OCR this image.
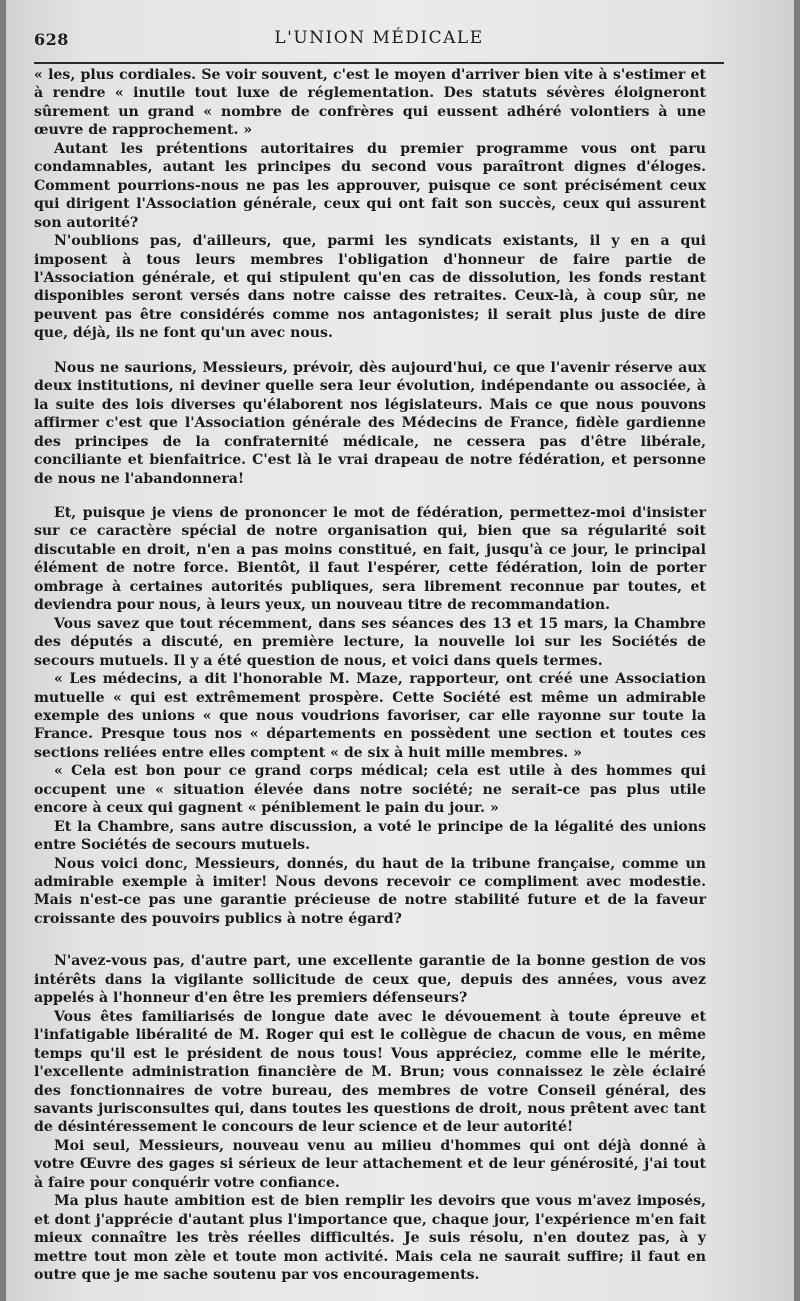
628	L'UNION MÉDICALE

« les, plus cordiales. Se voir souvent, c'est le moyen d'arriver bien vite à s'estimer et à rendre « inutile tout luxe de réglementation. Des statuts sévères éloigneront sûrement un grand « nombre de confrères qui eussent adhéré volontiers à une œuvre de rapprochement. »

Autant les prétentions autoritaires du premier programme vous ont paru condamnables, autant les principes du second vous paraîtront dignes d'éloges. Comment pourrions-nous ne pas les approuver, puisque ce sont précisément ceux qui dirigent l'Association générale, ceux qui ont fait son succès, ceux qui assurent son autorité?

N'oublions pas, d'ailleurs, que, parmi les syndicats existants, il y en a qui imposent à tous leurs membres l'obligation d'honneur de faire partie de l'Association générale, et qui stipulent qu'en cas de dissolution, les fonds restant disponibles seront versés dans notre caisse des retraites. Ceux-là, à coup sûr, ne peuvent pas être considérés comme nos antagonistes; il serait plus juste de dire que, déjà, ils ne font qu'un avec nous.

Nous ne saurions, Messieurs, prévoir, dès aujourd'hui, ce que l'avenir réserve aux deux institutions, ni deviner quelle sera leur évolution, indépendante ou associée, à la suite des lois diverses qu'élaborent nos législateurs. Mais ce que nous pouvons affirmer c'est que l'Association générale des Médecins de France, fidèle gardienne des principes de la confraternité médicale, ne cessera pas d'être libérale, conciliante et bienfaitrice. C'est là le vrai drapeau de notre fédération, et personne de nous ne l'abandonnera!

Et, puisque je viens de prononcer le mot de fédération, permettez-moi d'insister sur ce caractère spécial de notre organisation qui, bien que sa régularité soit discutable en droit, n'en a pas moins constitué, en fait, jusqu'à ce jour, le principal élément de notre force. Bientôt, il faut l'espérer, cette fédération, loin de porter ombrage à certaines autorités publiques, sera librement reconnue par toutes, et deviendra pour nous, à leurs yeux, un nouveau titre de recommandation.

Vous savez que tout récemment, dans ses séances des 13 et 15 mars, la Chambre des députés a discuté, en première lecture, la nouvelle loi sur les Sociétés de secours mutuels. Il y a été question de nous, et voici dans quels termes.

« Les médecins, a dit l'honorable M. Maze, rapporteur, ont créé une Association mutuelle « qui est extrêmement prospère. Cette Société est même un admirable exemple des unions « que nous voudrions favoriser, car elle rayonne sur toute la France. Presque tous nos « départements en possèdent une section et toutes ces sections reliées entre elles comptent « de six à huit mille membres. »

« Cela est bon pour ce grand corps médical; cela est utile à des hommes qui occupent une « situation élevée dans notre société; ne serait-ce pas plus utile encore à ceux qui gagnent « péniblement le pain du jour. »

Et la Chambre, sans autre discussion, a voté le principe de la légalité des unions entre Sociétés de secours mutuels.

Nous voici donc, Messieurs, donnés, du haut de la tribune française, comme un admirable exemple à imiter! Nous devons recevoir ce compliment avec modestie. Mais n'est-ce pas une garantie précieuse de notre stabilité future et de la faveur croissante des pouvoirs publics à notre égard?

N'avez-vous pas, d'autre part, une excellente garantie de la bonne gestion de vos intérêts dans la vigilante sollicitude de ceux que, depuis des années, vous avez appelés à l'honneur d'en être les premiers défenseurs?

Vous êtes familiarisés de longue date avec le dévouement à toute épreuve et l'infatigable libéralité de M. Roger qui est le collègue de chacun de vous, en même temps qu'il est le président de nous tous! Vous appréciez, comme elle le mérite, l'excellente administration financière de M. Brun; vous connaissez le zèle éclairé des fonctionnaires de votre bureau, des membres de votre Conseil général, des savants jurisconsultes qui, dans toutes les questions de droit, nous prêtent avec tant de désintéressement le concours de leur science et de leur autorité!

Moi seul, Messieurs, nouveau venu au milieu d'hommes qui ont déjà donné à votre Œuvre des gages si sérieux de leur attachement et de leur générosité, j'ai tout à faire pour conquérir votre confiance.

Ma plus haute ambition est de bien remplir les devoirs que vous m'avez imposés, et dont j'apprécie d'autant plus l'importance que, chaque jour, l'expérience m'en fait mieux connaître les très réelles difficultés. Je suis résolu, n'en doutez pas, à y mettre tout mon zèle et toute mon activité. Mais cela ne saurait suffire; il faut en outre que je me sache soutenu par vos encouragements.
